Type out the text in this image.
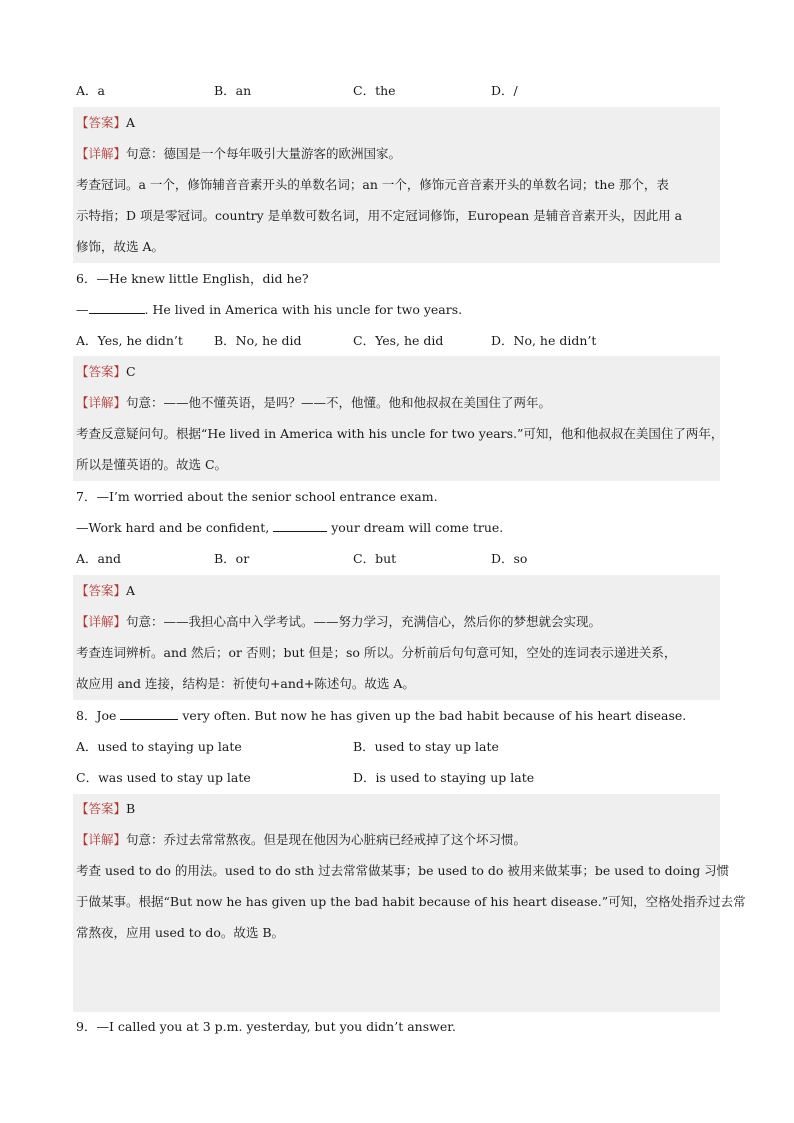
A．a	B．an	C．the	D．/
【答案】A
【详解】句意：德国是一个每年吸引大量游客的欧洲国家。
考查冠词。a 一个，修饰辅音音素开头的单数名词；an 一个，修饰元音音素开头的单数名词；the 那个，表
示特指；D 项是零冠词。country 是单数可数名词，用不定冠词修饰，European 是辅音音素开头，因此用 a
修饰，故选 A。
6．—He knew little English，did he?
—	. He lived in America with his uncle for two years.
A．Yes, he didn’t B．No, he did	C．Yes, he did	D．No, he didn’t
【答案】C
【详解】句意：——他不懂英语，是吗？——不，他懂。他和他叔叔在美国住了两年。
考查反意疑问句。根据“He lived in America with his uncle for two years.”可知，他和他叔叔在美国住了两年，
所以是懂英语的。故选 C。
7．—I’m worried about the senior school entrance exam.
—Work hard and be confident,	your dream will come true.
A．and	B．or	C．but	D．so
【答案】A
【详解】句意：——我担心高中入学考试。——努力学习，充满信心，然后你的梦想就会实现。
考查连词辨析。and 然后；or 否则；but 但是；so 所以。分析前后句句意可知，空处的连词表示递进关系，
故应用 and 连接，结构是：祈使句+and+陈述句。故选 A。
8．Joe	very often. But now he has given up the bad habit because of his heart disease.
A．used to staying up late	B．used to stay up late
C．was used to stay up late	D．is used to staying up late
【答案】B
【详解】句意：乔过去常常熬夜。但是现在他因为心脏病已经戒掉了这个坏习惯。
考查 used to do 的用法。used to do sth 过去常常做某事；be used to do 被用来做某事；be used to doing 习惯
于做某事。根据“But now he has given up the bad habit because of his heart disease.”可知，空格处指乔过去常
常熬夜，应用 used to do。故选 B。
9．—I called you at 3 p.m. yesterday, but you didn’t answer.
